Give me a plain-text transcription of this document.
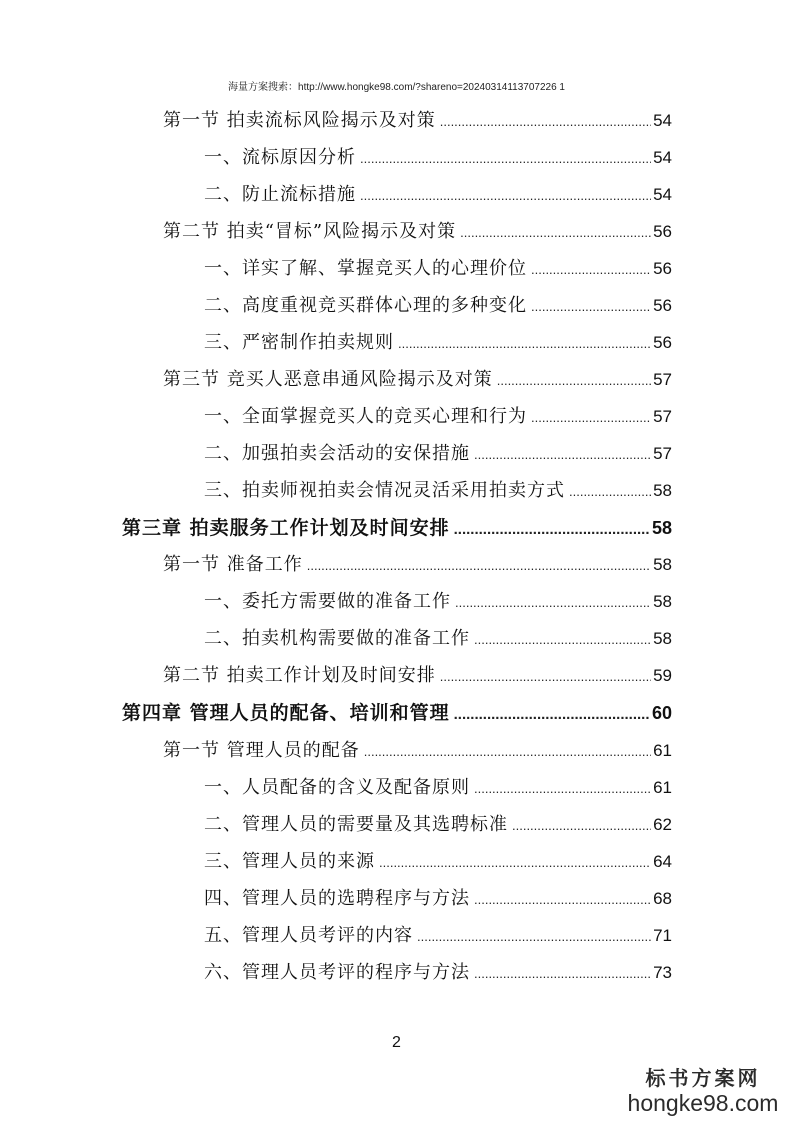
海量方案搜索：http://www.hongke98.com/?shareno=20240314113707226 1
第一节 拍卖流标风险揭示及对策 .....	54
一、流标原因分析 .....	54
二、防止流标措施 .....	54
第二节 拍卖“冒标”风险揭示及对策 .....	56
一、详实了解、掌握竞买人的心理价位 .....	56
二、高度重视竞买群体心理的多种变化 .....	56
三、严密制作拍卖规则 .....	56
第三节 竞买人恶意串通风险揭示及对策 .....	57
一、全面掌握竞买人的竞买心理和行为 .....	57
二、加强拍卖会活动的安保措施 .....	57
三、拍卖师视拍卖会情况灵活采用拍卖方式 .....	58
第三章 拍卖服务工作计划及时间安排 .....	58
第一节 准备工作 .....	58
一、委托方需要做的准备工作 .....	58
二、拍卖机构需要做的准备工作 .....	58
第二节 拍卖工作计划及时间安排 .....	59
第四章 管理人员的配备、培训和管理 .....	60
第一节 管理人员的配备 .....	61
一、人员配备的含义及配备原则 .....	61
二、管理人员的需要量及其选聘标准 .....	62
三、管理人员的来源 .....	64
四、管理人员的选聘程序与方法 .....	68
五、管理人员考评的内容 .....	71
六、管理人员考评的程序与方法 .....	73
2
标书方案网
hongke98.com
